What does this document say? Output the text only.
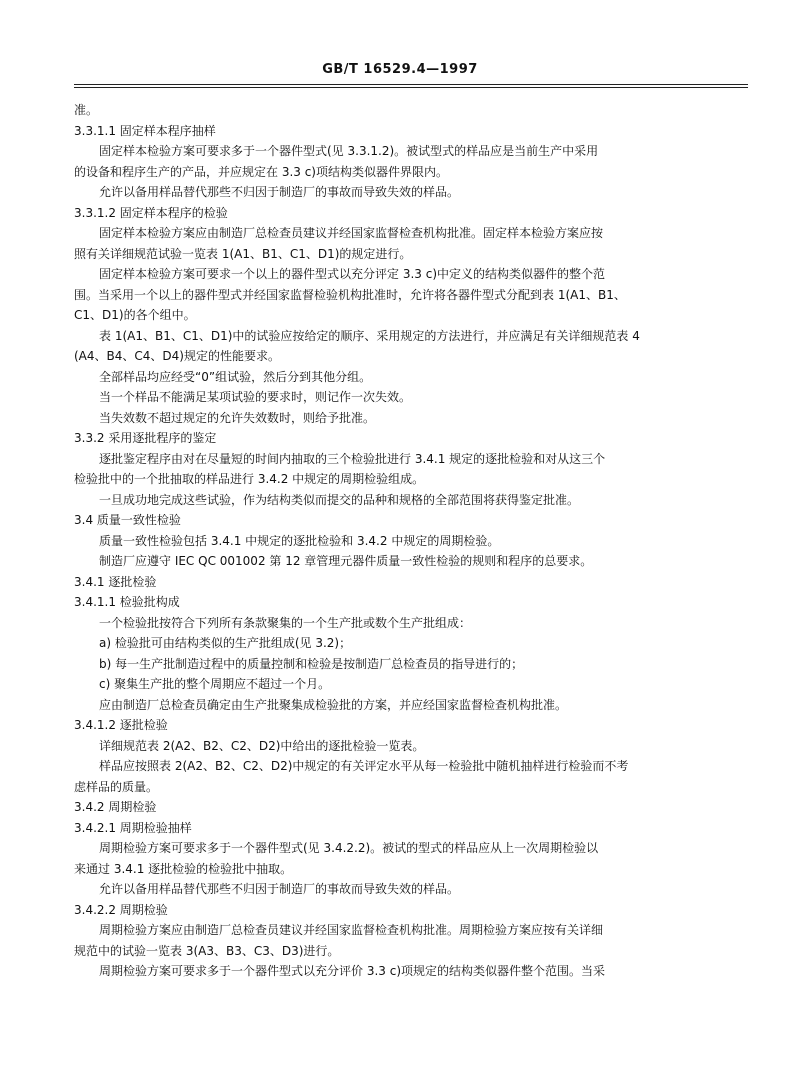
GB/T 16529.4—1997
准。
3.3.1.1 固定样本程序抽样
固定样本检验方案可要求多于一个器件型式(见 3.3.1.2)。被试型式的样品应是当前生产中采用
的设备和程序生产的产品，并应规定在 3.3 c)项结构类似器件界限内。
允许以备用样品替代那些不归因于制造厂的事故而导致失效的样品。
3.3.1.2 固定样本程序的检验
固定样本检验方案应由制造厂总检查员建议并经国家监督检查机构批准。固定样本检验方案应按
照有关详细规范试验一览表 1(A1、B1、C1、D1)的规定进行。
固定样本检验方案可要求一个以上的器件型式以充分评定 3.3 c)中定义的结构类似器件的整个范
围。当采用一个以上的器件型式并经国家监督检验机构批准时，允许将各器件型式分配到表 1(A1、B1、
C1、D1)的各个组中。
表 1(A1、B1、C1、D1)中的试验应按给定的顺序、采用规定的方法进行，并应满足有关详细规范表 4
(A4、B4、C4、D4)规定的性能要求。
全部样品均应经受“0”组试验，然后分到其他分组。
当一个样品不能满足某项试验的要求时，则记作一次失效。
当失效数不超过规定的允许失效数时，则给予批准。
3.3.2 采用逐批程序的鉴定
逐批鉴定程序由对在尽量短的时间内抽取的三个检验批进行 3.4.1 规定的逐批检验和对从这三个
检验批中的一个批抽取的样品进行 3.4.2 中规定的周期检验组成。
一旦成功地完成这些试验，作为结构类似而提交的品种和规格的全部范围将获得鉴定批准。
3.4 质量一致性检验
质量一致性检验包括 3.4.1 中规定的逐批检验和 3.4.2 中规定的周期检验。
制造厂应遵守 IEC QC 001002 第 12 章管理元器件质量一致性检验的规则和程序的总要求。
3.4.1 逐批检验
3.4.1.1 检验批构成
一个检验批按符合下列所有条款聚集的一个生产批或数个生产批组成：
a) 检验批可由结构类似的生产批组成(见 3.2)；
b) 每一生产批制造过程中的质量控制和检验是按制造厂总检查员的指导进行的；
c) 聚集生产批的整个周期应不超过一个月。
应由制造厂总检查员确定由生产批聚集成检验批的方案，并应经国家监督检查机构批准。
3.4.1.2 逐批检验
详细规范表 2(A2、B2、C2、D2)中给出的逐批检验一览表。
样品应按照表 2(A2、B2、C2、D2)中规定的有关评定水平从每一检验批中随机抽样进行检验而不考
虑样品的质量。
3.4.2 周期检验
3.4.2.1 周期检验抽样
周期检验方案可要求多于一个器件型式(见 3.4.2.2)。被试的型式的样品应从上一次周期检验以
来通过 3.4.1 逐批检验的检验批中抽取。
允许以备用样品替代那些不归因于制造厂的事故而导致失效的样品。
3.4.2.2 周期检验
周期检验方案应由制造厂总检查员建议并经国家监督检查机构批准。周期检验方案应按有关详细
规范中的试验一览表 3(A3、B3、C3、D3)进行。
周期检验方案可要求多于一个器件型式以充分评价 3.3 c)项规定的结构类似器件整个范围。当采
